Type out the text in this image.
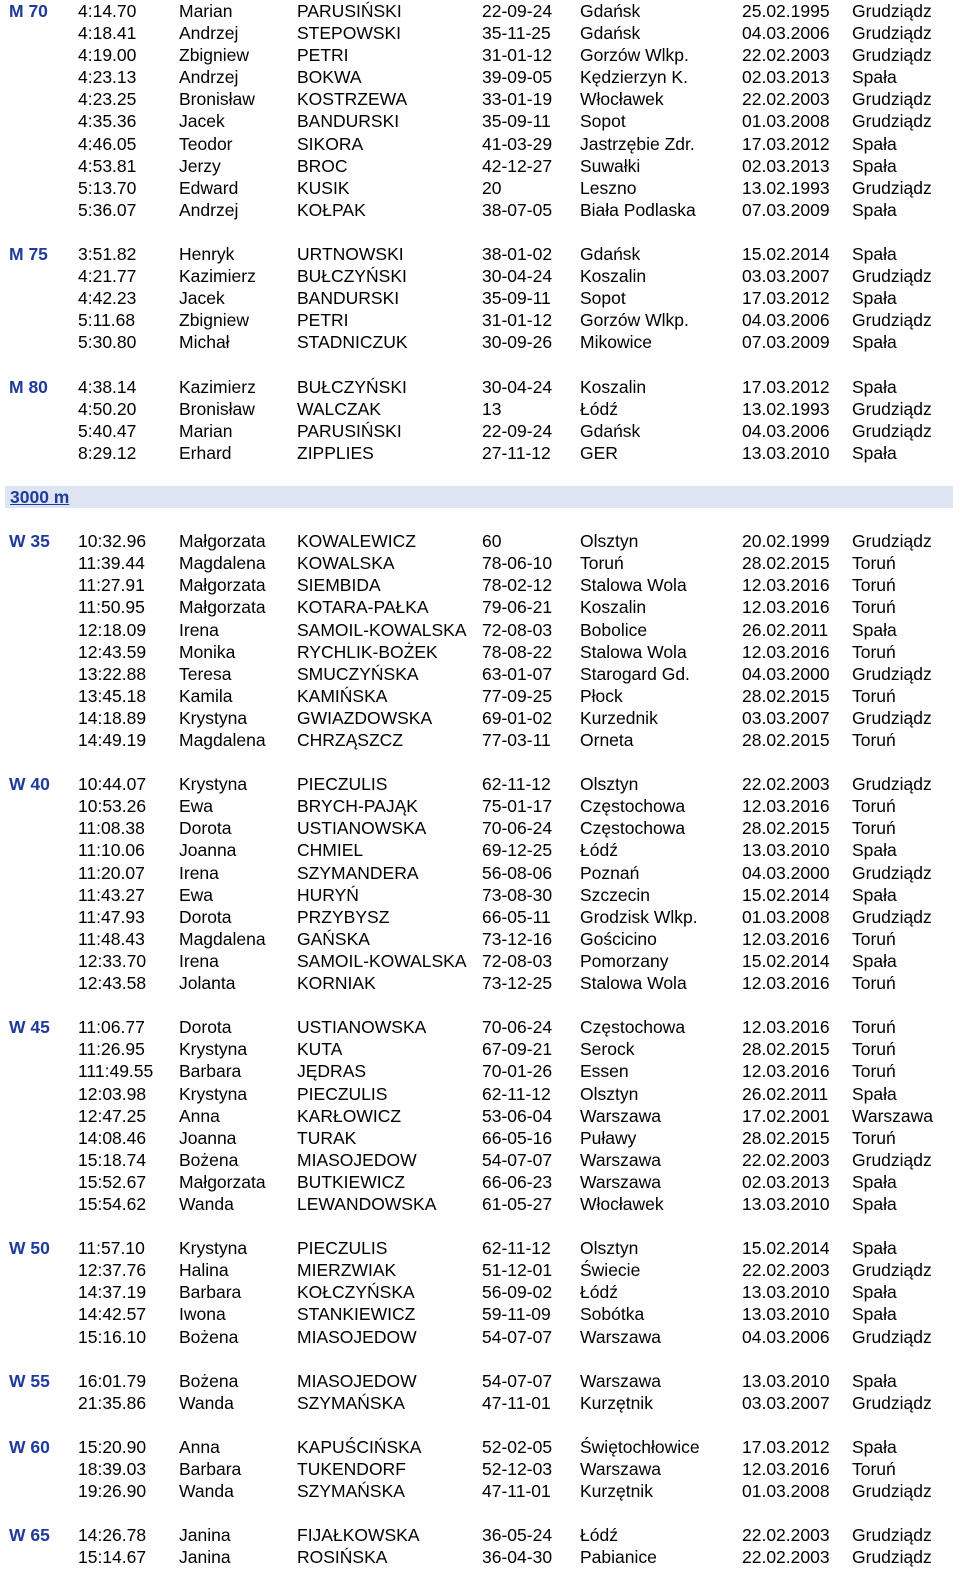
M 70 4:14.70 Marian	PARUSIŃSKI	22-09-24 Gdańsk	25.02.1995 Grudziądz
4:18.41 Andrzej	STEPOWSKI	35-11-25 Gdańsk	04.03.2006 Grudziądz
4:19.00 Zbigniew	PETRI	31-01-12 Gorzów Wlkp.	22.02.2003 Grudziądz
4:23.13 Andrzej	BOKWA	39-09-05 Kędzierzyn K.	02.03.2013 Spała
4:23.25 Bronisław KOSTRZEWA	33-01-19 Włocławek	22.02.2003 Grudziądz
4:35.36 Jacek	BANDURSKI	35-09-11 Sopot	01.03.2008 Grudziądz
4:46.05 Teodor	SIKORA	41-03-29 Jastrzębie Zdr.	17.03.2012 Spała
4:53.81 Jerzy	BROC	42-12-27 Suwałki	02.03.2013 Spała
5:13.70 Edward	KUSIK	20	Leszno	13.02.1993 Grudziądz
5:36.07 Andrzej	KOŁPAK	38-07-05 Biała Podlaska	07.03.2009 Spała
M 75 3:51.82 Henryk	URTNOWSKI	38-01-02 Gdańsk	15.02.2014 Spała
4:21.77 Kazimierz BUŁCZYŃSKI	30-04-24 Koszalin	03.03.2007 Grudziądz
4:42.23 Jacek	BANDURSKI	35-09-11 Sopot	17.03.2012 Spała
5:11.68	Zbigniew	PETRI	31-01-12 Gorzów Wlkp.	04.03.2006 Grudziądz
5:30.80 Michał	STADNICZUK	30-09-26 Mikowice	07.03.2009 Spała
M 80 4:38.14 Kazimierz BUŁCZYŃSKI	30-04-24 Koszalin	17.03.2012 Spała
4:50.20 Bronisław WALCZAK	13	Łódź	13.02.1993 Grudziądz
5:40.47 Marian	PARUSIŃSKI	22-09-24 Gdańsk	04.03.2006 Grudziądz
8:29.12 Erhard	ZIPPLIES	27-11-12 GER	13.03.2010 Spała
3000 m
W 35 10:32.96 Małgorzata KOWALEWICZ	60	Olsztyn	20.02.1999 Grudziądz
11:39.44 Magdalena KOWALSKA	78-06-10 Toruń	28.02.2015 Toruń
11:27.91 Małgorzata SIEMBIDA	78-02-12 Stalowa Wola	12.03.2016 Toruń
11:50.95 Małgorzata KOTARA-PAŁKA	79-06-21 Koszalin	12.03.2016 Toruń
12:18.09 Irena	SAMOIL-KOWALSKA 72-08-03 Bobolice	26.02.2011 Spała
12:43.59 Monika	RYCHLIK-BOŻEK	78-08-22 Stalowa Wola	12.03.2016 Toruń
13:22.88 Teresa	SMUCZYŃSKA	63-01-07 Starogard Gd.	04.03.2000 Grudziądz
13:45.18 Kamila	KAMIŃSKA	77-09-25 Płock	28.02.2015 Toruń
14:18.89 Krystyna	GWIAZDOWSKA	69-01-02 Kurzednik	03.03.2007 Grudziądz
14:49.19 Magdalena CHRZĄSZCZ	77-03-11 Orneta	28.02.2015 Toruń
W 40 10:44.07 Krystyna	PIECZULIS	62-11-12 Olsztyn	22.02.2003 Grudziądz
10:53.26 Ewa	BRYCH-PAJĄK	75-01-17 Częstochowa	12.03.2016 Toruń
11:08.38 Dorota	USTIANOWSKA	70-06-24 Częstochowa	28.02.2015 Toruń
11:10.06 Joanna	CHMIEL	69-12-25 Łódź	13.03.2010 Spała
11:20.07 Irena	SZYMANDERA	56-08-06 Poznań	04.03.2000 Grudziądz
11:43.27 Ewa	HURYŃ	73-08-30 Szczecin	15.02.2014 Spała
11:47.93 Dorota	PRZYBYSZ	66-05-11 Grodzisk Wlkp.	01.03.2008 Grudziądz
11:48.43 Magdalena GAŃSKA	73-12-16 Gościcino	12.03.2016 Toruń
12:33.70 Irena	SAMOIL-KOWALSKA 72-08-03 Pomorzany	15.02.2014 Spała
12:43.58 Jolanta	KORNIAK	73-12-25 Stalowa Wola	12.03.2016 Toruń
W 45 11:06.77 Dorota	USTIANOWSKA	70-06-24 Częstochowa	12.03.2016 Toruń
11:26.95 Krystyna	KUTA	67-09-21 Serock	28.02.2015 Toruń
111:49.55 Barbara	JĘDRAS	70-01-26 Essen	12.03.2016 Toruń
12:03.98 Krystyna	PIECZULIS	62-11-12 Olsztyn	26.02.2011 Spała
12:47.25 Anna	KARŁOWICZ	53-06-04 Warszawa	17.02.2001 Warszawa
14:08.46 Joanna	TURAK	66-05-16 Puławy	28.02.2015 Toruń
15:18.74 Bożena	MIASOJEDOW	54-07-07 Warszawa	22.02.2003 Grudziądz
15:52.67 Małgorzata BUTKIEWICZ	66-06-23 Warszawa	02.03.2013 Spała
15:54.62 Wanda	LEWANDOWSKA	61-05-27 Włocławek	13.03.2010 Spała
W 50 11:57.10 Krystyna	PIECZULIS	62-11-12 Olsztyn	15.02.2014 Spała
12:37.76 Halina	MIERZWIAK	51-12-01 Świecie	22.02.2003 Grudziądz
14:37.19 Barbara	KOŁCZYŃSKA	56-09-02 Łódź	13.03.2010 Spała
14:42.57 Iwona	STANKIEWICZ	59-11-09 Sobótka	13.03.2010 Spała
15:16.10 Bożena	MIASOJEDOW	54-07-07 Warszawa	04.03.2006 Grudziądz
W 55 16:01.79 Bożena	MIASOJEDOW	54-07-07 Warszawa	13.03.2010 Spała
21:35.86 Wanda	SZYMAŃSKA	47-11-01 Kurzętnik	03.03.2007 Grudziądz
W 60 15:20.90 Anna	KAPUŚCIŃSKA	52-02-05 Świętochłowice 17.03.2012 Spała
18:39.03 Barbara	TUKENDORF	52-12-03 Warszawa	12.03.2016 Toruń
19:26.90 Wanda	SZYMAŃSKA	47-11-01 Kurzętnik	01.03.2008 Grudziądz
W 65 14:26.78 Janina	FIJAŁKOWSKA	36-05-24 Łódź	22.02.2003 Grudziądz
15:14.67 Janina	ROSIŃSKA	36-04-30 Pabianice	22.02.2003 Grudziądz
